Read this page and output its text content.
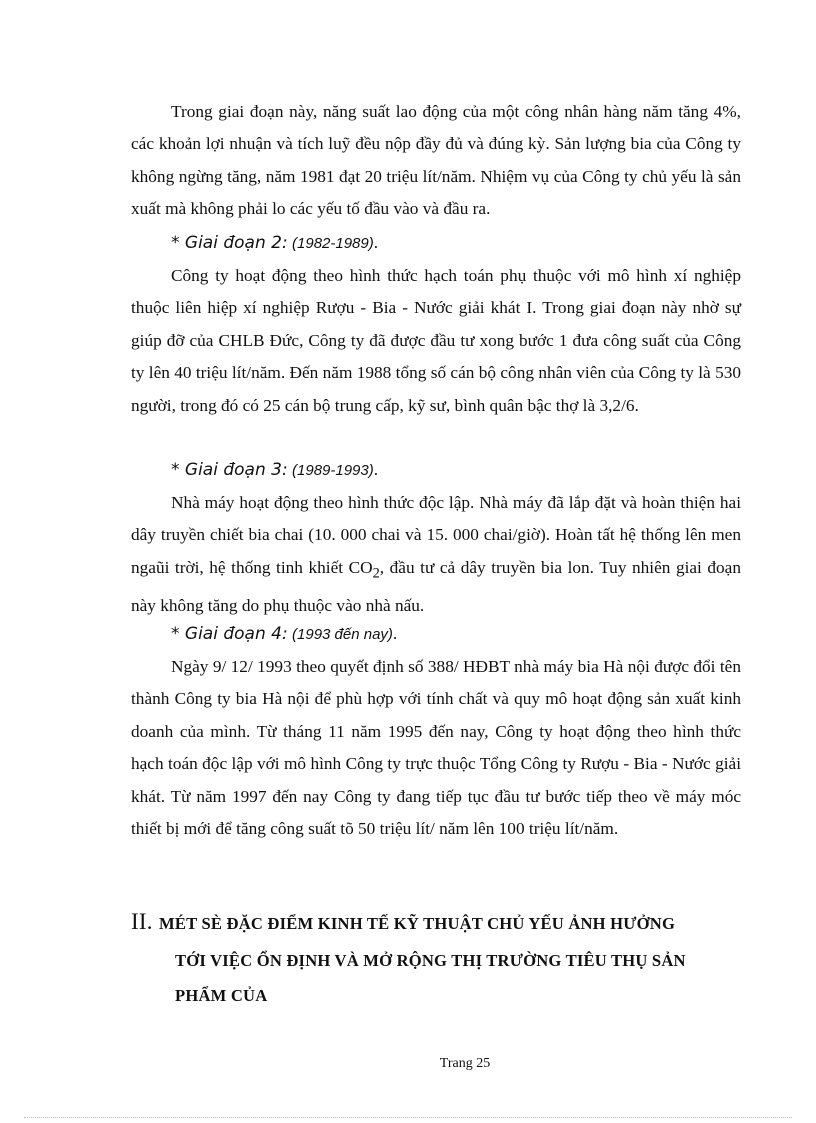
Trong giai đoạn này, năng suất lao động của một công nhân hàng năm tăng 4%, các khoản lợi nhuận và tích luỹ đều nộp đầy đủ và đúng kỳ. Sản lượng bia của Công ty không ngừng tăng, năm 1981 đạt 20 triệu lít/năm. Nhiệm vụ của Công ty chủ yếu là sản xuất mà không phải lo các yếu tố đầu vào và đầu ra.

* Giai đoạn 2: (1982-1989).

Công ty hoạt động theo hình thức hạch toán phụ thuộc với mô hình xí nghiệp thuộc liên hiệp xí nghiệp Rượu - Bia - Nước giải khát I. Trong giai đoạn này nhờ sự giúp đỡ của CHLB Đức, Công ty đã được đầu tư xong bước 1 đưa công suất của Công ty lên 40 triệu lít/năm. Đến năm 1988 tổng số cán bộ công nhân viên của Công ty là 530 người, trong đó có 25 cán bộ trung cấp, kỹ sư, bình quân bậc thợ là 3,2/6.

* Giai đoạn 3: (1989-1993).

Nhà máy hoạt động theo hình thức độc lập. Nhà máy đã lắp đặt và hoàn thiện hai dây truyền chiết bia chai (10. 000 chai và 15. 000 chai/giờ). Hoàn tất hệ thống lên men ngaũi trời, hệ thống tinh khiết $CO_2$, đầu tư cả dây truyền bia lon. Tuy nhiên giai đoạn này không tăng do phụ thuộc vào nhà nấu.

* Giai đoạn 4: (1993 đến nay).

Ngày 9/ 12/ 1993 theo quyết định số 388/ HĐBT nhà máy bia Hà nội được đổi tên thành Công ty bia Hà nội để phù hợp với tính chất và quy mô hoạt động sản xuất kinh doanh của mình. Từ tháng 11 năm 1995 đến nay, Công ty hoạt động theo hình thức hạch toán độc lập với mô hình Công ty trực thuộc Tổng Công ty Rượu - Bia - Nước giải khát. Từ năm 1997 đến nay Công ty đang tiếp tục đầu tư bước tiếp theo về máy móc thiết bị mới để tăng công suất tõ 50 triệu lít/ năm lên 100 triệu lít/năm.

II. MÉT SÈ ĐẶC ĐIỂM KINH TẾ KỸ THUẬT CHỦ YẾU ẢNH HƯỞNG
TỚI VIỆC ỔN ĐỊNH VÀ MỞ RỘNG THỊ TRƯỜNG TIÊU THỤ SẢN
PHẨM CỦA

Trang 25
